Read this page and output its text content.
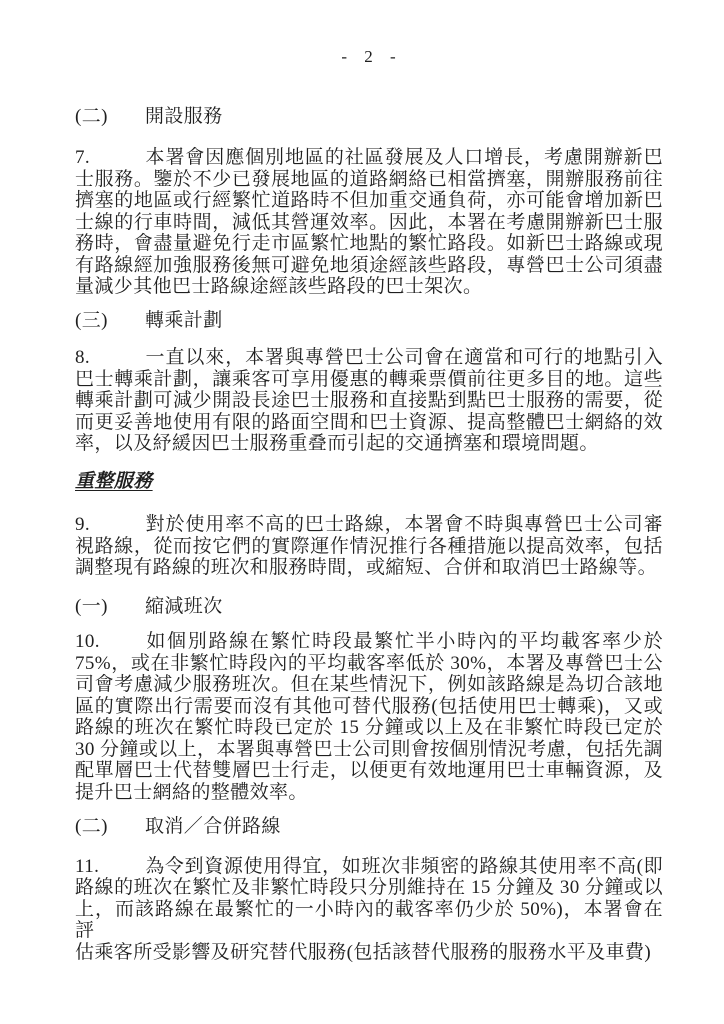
- 2 -
(二) 開設服務
7.	本署會因應個別地區的社區發展及人口增長，考慮開辦新巴
士服務。鑒於不少已發展地區的道路網絡已相當擠塞，開辦服務前往
擠塞的地區或行經繁忙道路時不但加重交通負荷，亦可能會增加新巴
士線的行車時間，減低其營運效率。因此，本署在考慮開辦新巴士服
務時，會盡量避免行走市區繁忙地點的繁忙路段。如新巴士路線或現
有路線經加強服務後無可避免地須途經該些路段，專營巴士公司須盡
量減少其他巴士路線途經該些路段的巴士架次。
(三) 轉乘計劃
8.	一直以來，本署與專營巴士公司會在適當和可行的地點引入
巴士轉乘計劃，讓乘客可享用優惠的轉乘票價前往更多目的地。這些
轉乘計劃可減少開設長途巴士服務和直接點到點巴士服務的需要，從
而更妥善地使用有限的路面空間和巴士資源、提高整體巴士網絡的效
率，以及紓緩因巴士服務重叠而引起的交通擠塞和環境問題。
重整服務
9.	對於使用率不高的巴士路線，本署會不時與專營巴士公司審
視路線，從而按它們的實際運作情況推行各種措施以提高效率，包括
調整現有路線的班次和服務時間，或縮短、合併和取消巴士路線等。
(一) 縮減班次
10. 如個別路線在繁忙時段最繁忙半小時內的平均載客率少於
75%，或在非繁忙時段內的平均載客率低於 30%，本署及專營巴士公
司會考慮減少服務班次。但在某些情況下，例如該路線是為切合該地
區的實際出行需要而沒有其他可替代服務(包括使用巴士轉乘)，又或
路線的班次在繁忙時段已定於 15 分鐘或以上及在非繁忙時段已定於
30 分鐘或以上，本署與專營巴士公司則會按個別情況考慮，包括先調
配單層巴士代替雙層巴士行走，以便更有效地運用巴士車輛資源，及
提升巴士網絡的整體效率。
(二) 取消／合併路線
11. 為令到資源使用得宜，如班次非頻密的路線其使用率不高(即
路線的班次在繁忙及非繁忙時段只分別維持在 15 分鐘及 30 分鐘或以
上，而該路線在最繁忙的一小時內的載客率仍少於 50%)，本署會在評
估乘客所受影響及研究替代服務(包括該替代服務的服務水平及車費)
